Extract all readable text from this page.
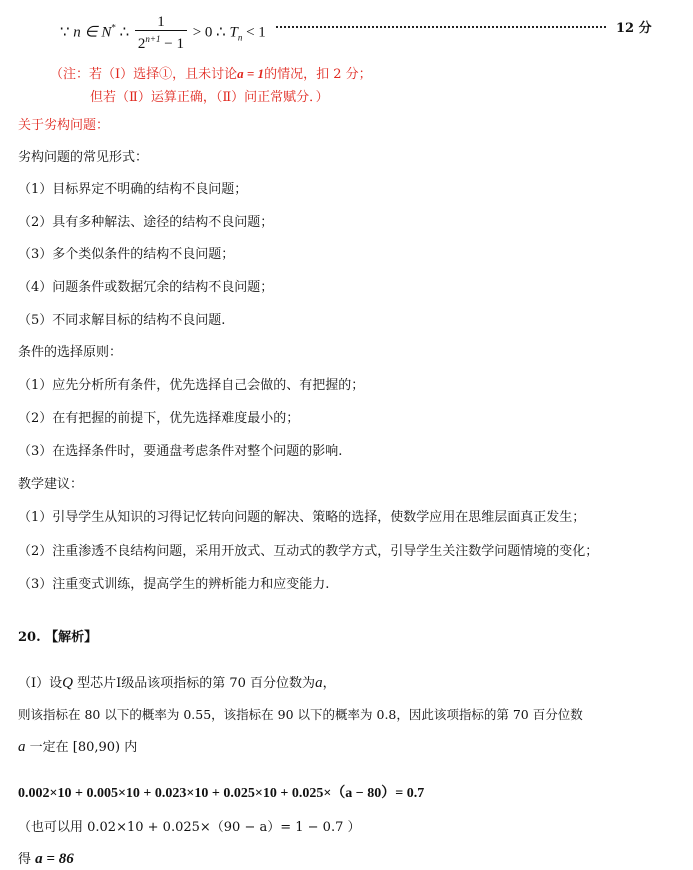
∵ n ∈ N* ∴ $\frac{1}{2^{n+1} - 1} > 0$ ∴ $T_n < 1$	12 分
（注：若（Ⅰ）选择①，且未讨论a = 1的情况，扣 2 分；
但若（Ⅱ）运算正确，（Ⅱ）问正常赋分．）
关于劣构问题：
劣构问题的常见形式：
（1）目标界定不明确的结构不良问题；
（2）具有多种解法、途径的结构不良问题；
（3）多个类似条件的结构不良问题；
（4）问题条件或数据冗余的结构不良问题；
（5）不同求解目标的结构不良问题.
条件的选择原则：
（1）应先分析所有条件，优先选择自己会做的、有把握的；
（2）在有把握的前提下，优先选择难度最小的；
（3）在选择条件时，要通盘考虑条件对整个问题的影响.
教学建议：
（1）引导学生从知识的习得记忆转向问题的解决、策略的选择，使数学应用在思维层面真正发生；
（2）注重渗透不良结构问题，采用开放式、互动式的教学方式，引导学生关注数学问题情境的变化；
（3）注重变式训练，提高学生的辨析能力和应变能力.
20. 【解析】
（Ⅰ）设Q 型芯片Ⅰ级品该项指标的第 70 百分位数为a，
则该指标在 80 以下的概率为 0.55，该指标在 90 以下的概率为 0.8，因此该项指标的第 70 百分位数
a 一定在 [80,90) 内
0.002×10 + 0.005×10 + 0.023×10 + 0.025×10 + 0.025×（a − 80）= 0.7
（也可以用 0.02×10 + 0.025×（90 − a）= 1 − 0.7 ）
得 a = 86
